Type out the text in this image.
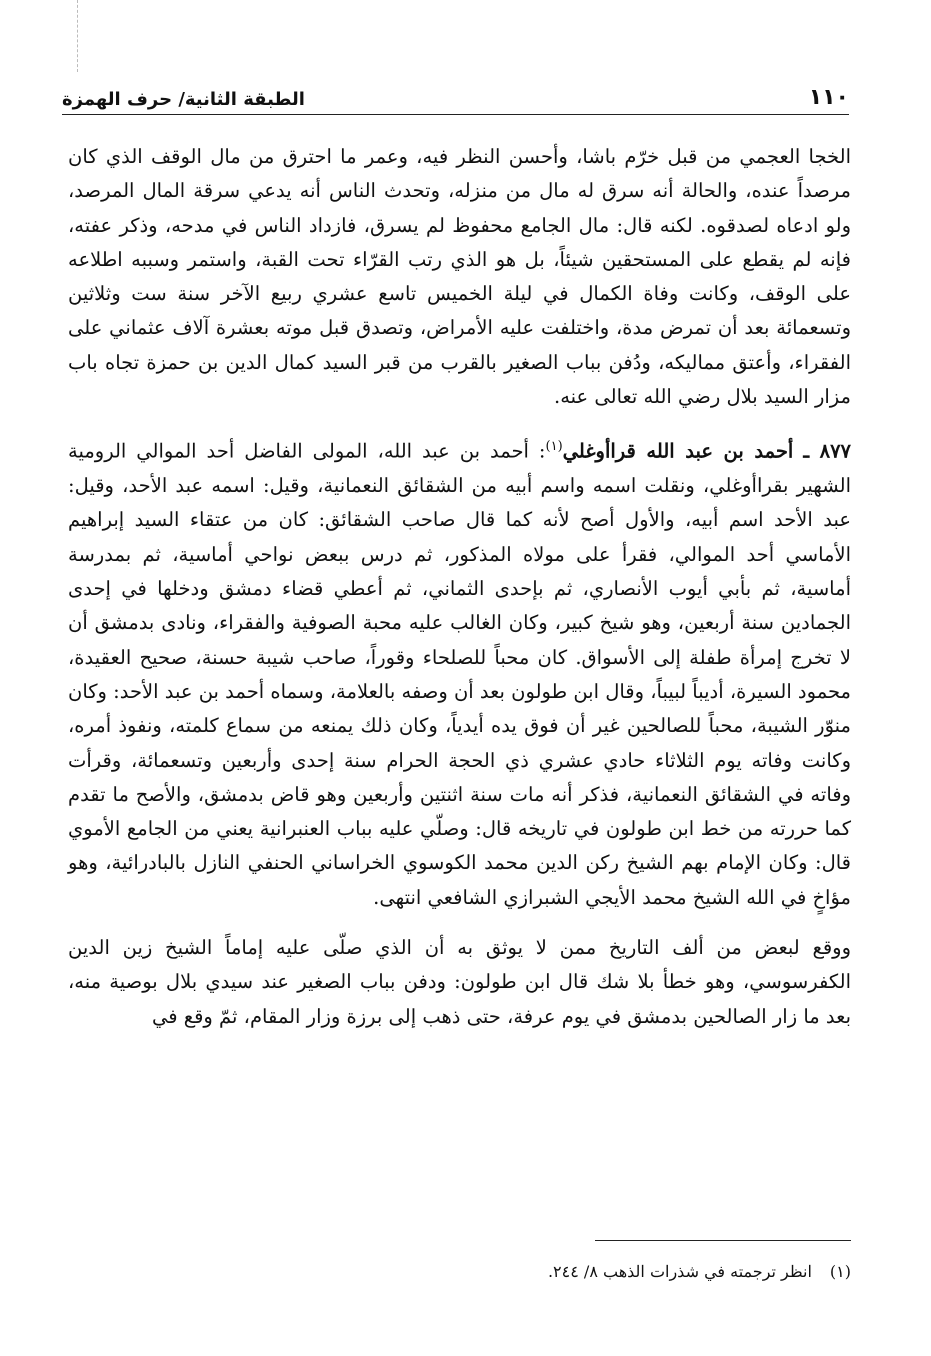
الطبقة الثانية/ حرف الهمزة	١١٠

الخجا العجمي من قبل خرّم باشا، وأحسن النظر فيه، وعمر ما احترق من مال الوقف الذي كان مرصداً عنده، والحالة أنه سرق له مال من منزله، وتحدث الناس أنه يدعي سرقة المال المرصد، ولو ادعاه لصدقوه. لكنه قال: مال الجامع محفوظ لم يسرق، فازداد الناس في مدحه، وذكر عفته، فإنه لم يقطع على المستحقين شيئاً، بل هو الذي رتب القرّاء تحت القبة، واستمر وسببه اطلاعه على الوقف، وكانت وفاة الكمال في ليلة الخميس تاسع عشري ربيع الآخر سنة ست وثلاثين وتسعمائة بعد أن تمرض مدة، واختلفت عليه الأمراض، وتصدق قبل موته بعشرة آلاف عثماني على الفقراء، وأعتق مماليكه، ودُفن بباب الصغير بالقرب من قبر السيد كمال الدين بن حمزة تجاه باب مزار السيد بلال رضي الله تعالى عنه.

٨٧٧ ـ أحمد بن عبد الله قراأوغلي$^{(١)}$: أحمد بن عبد الله، المولى الفاضل أحد الموالي الرومية الشهير بقراأوغلي، ونقلت اسمه واسم أبيه من الشقائق النعمانية، وقيل: اسمه عبد الأحد، وقيل: عبد الأحد اسم أبيه، والأول أصح لأنه كما قال صاحب الشقائق: كان من عتقاء السيد إبراهيم الأماسي أحد الموالي، فقرأ على مولاه المذكور، ثم درس ببعض نواحي أماسية، ثم بمدرسة أماسية، ثم بأبي أيوب الأنصاري، ثم بإحدى الثماني، ثم أعطي قضاء دمشق ودخلها في إحدى الجمادين سنة أربعين، وهو شيخ كبير، وكان الغالب عليه محبة الصوفية والفقراء، ونادى بدمشق أن لا تخرج إمرأة طفلة إلى الأسواق. كان محباً للصلحاء وقوراً، صاحب شيبة حسنة، صحيح العقيدة، محمود السيرة، أديباً لبيباً، وقال ابن طولون بعد أن وصفه بالعلامة، وسماه أحمد بن عبد الأحد: وكان منوّر الشيبة، محباً للصالحين غير أن فوق يده أيدياً، وكان ذلك يمنعه من سماع كلمته، ونفوذ أمره، وكانت وفاته يوم الثلاثاء حادي عشري ذي الحجة الحرام سنة إحدى وأربعين وتسعمائة، وقرأت وفاته في الشقائق النعمانية، فذكر أنه مات سنة اثنتين وأربعين وهو قاض بدمشق، والأصح ما تقدم كما حررته من خط ابن طولون في تاريخه قال: وصلّي عليه بباب العنبرانية يعني من الجامع الأموي قال: وكان الإمام بهم الشيخ ركن الدين محمد الكوسوي الخراساني الحنفي النازل بالبادرائية، وهو مؤاخٍ في الله الشيخ محمد الأيجي الشبرازي الشافعي انتهى.

ووقع لبعض من ألف التاريخ ممن لا يوثق به أن الذي صلّى عليه إماماً الشيخ زين الدين الكفرسوسي، وهو خطأ بلا شك قال ابن طولون: ودفن بباب الصغير عند سيدي بلال بوصية منه، بعد ما زار الصالحين بدمشق في يوم عرفة، حتى ذهب إلى برزة وزار المقام، ثمّ وقع في

(١)انظر ترجمته في شذرات الذهب ٨/ ٢٤٤.
